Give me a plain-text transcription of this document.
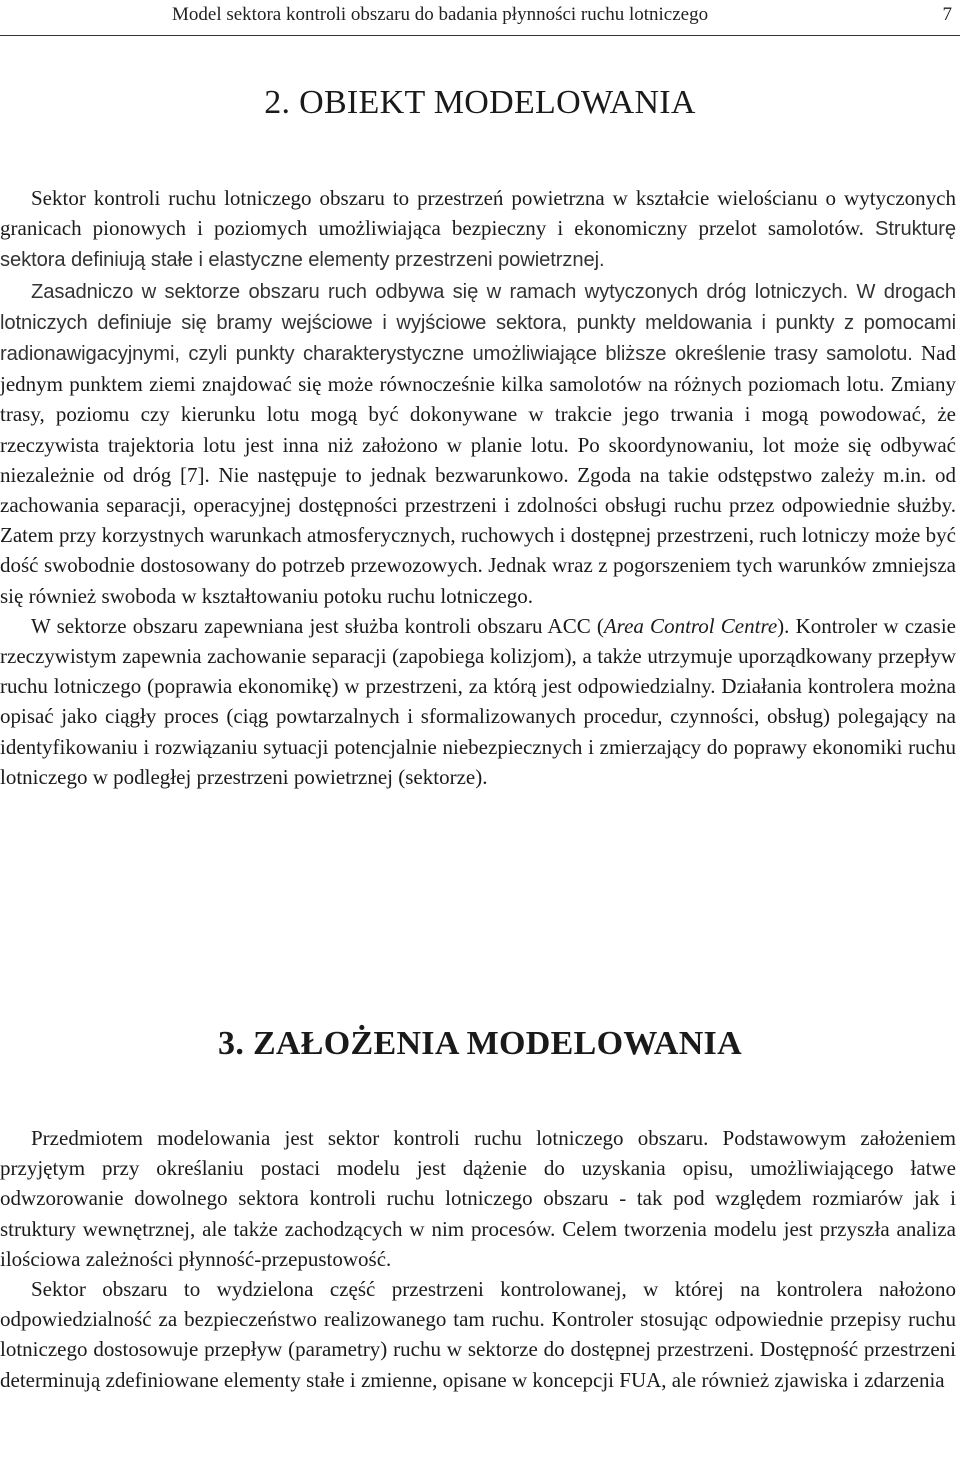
Model sektora kontroli obszaru do badania płynności ruchu lotniczego	7
2. OBIEKT MODELOWANIA

Sektor kontroli ruchu lotniczego obszaru to przestrzeń powietrzna w kształcie wielościanu o wytyczonych granicach pionowych i poziomych umożliwiająca bezpieczny i ekonomiczny przelot samolotów. Strukturę sektora definiują stałe i elastyczne elementy przestrzeni powietrznej.

Zasadniczo w sektorze obszaru ruch odbywa się w ramach wytyczonych dróg lotniczych. W drogach lotniczych definiuje się bramy wejściowe i wyjściowe sektora, punkty meldowania i punkty z pomocami radionawigacyjnymi, czyli punkty charakterystyczne umożliwiające bliższe określenie trasy samolotu. Nad jednym punktem ziemi znajdować się może równocześnie kilka samolotów na różnych poziomach lotu. Zmiany trasy, poziomu czy kierunku lotu mogą być dokonywane w trakcie jego trwania i mogą powodować, że rzeczywista trajektoria lotu jest inna niż założono w planie lotu. Po skoordynowaniu, lot może się odbywać niezależnie od dróg [7]. Nie następuje to jednak bezwarunkowo. Zgoda na takie odstępstwo zależy m.in. od zachowania separacji, operacyjnej dostępności przestrzeni i zdolności obsługi ruchu przez odpowiednie służby. Zatem przy korzystnych warunkach atmosferycznych, ruchowych i dostępnej przestrzeni, ruch lotniczy może być dość swobodnie dostosowany do potrzeb przewozowych. Jednak wraz z pogorszeniem tych warunków zmniejsza się również swoboda w kształtowaniu potoku ruchu lotniczego.

W sektorze obszaru zapewniana jest służba kontroli obszaru ACC (Area Control Centre). Kontroler w czasie rzeczywistym zapewnia zachowanie separacji (zapobiega kolizjom), a także utrzymuje uporządkowany przepływ ruchu lotniczego (poprawia ekonomikę) w przestrzeni, za którą jest odpowiedzialny. Działania kontrolera można opisać jako ciągły proces (ciąg powtarzalnych i sformalizowanych procedur, czynności, obsług) polegający na identyfikowaniu i rozwiązaniu sytuacji potencjalnie niebezpiecznych i zmierzający do poprawy ekonomiki ruchu lotniczego w podległej przestrzeni powietrznej (sektorze).

3. ZAŁOŻENIA MODELOWANIA

Przedmiotem modelowania jest sektor kontroli ruchu lotniczego obszaru. Podstawowym założeniem przyjętym przy określaniu postaci modelu jest dążenie do uzyskania opisu, umożliwiającego łatwe odwzorowanie dowolnego sektora kontroli ruchu lotniczego obszaru - tak pod względem rozmiarów jak i struktury wewnętrznej, ale także zachodzących w nim procesów. Celem tworzenia modelu jest przyszła analiza ilościowa zależności płynność-przepustowość.

Sektor obszaru to wydzielona część przestrzeni kontrolowanej, w której na kontrolera nałożono odpowiedzialność za bezpieczeństwo realizowanego tam ruchu. Kontroler stosując odpowiednie przepisy ruchu lotniczego dostosowuje przepływ (parametry) ruchu w sektorze do dostępnej przestrzeni. Dostępność przestrzeni determinują zdefiniowane elementy stałe i zmienne, opisane w koncepcji FUA, ale również zjawiska i zdarzenia
